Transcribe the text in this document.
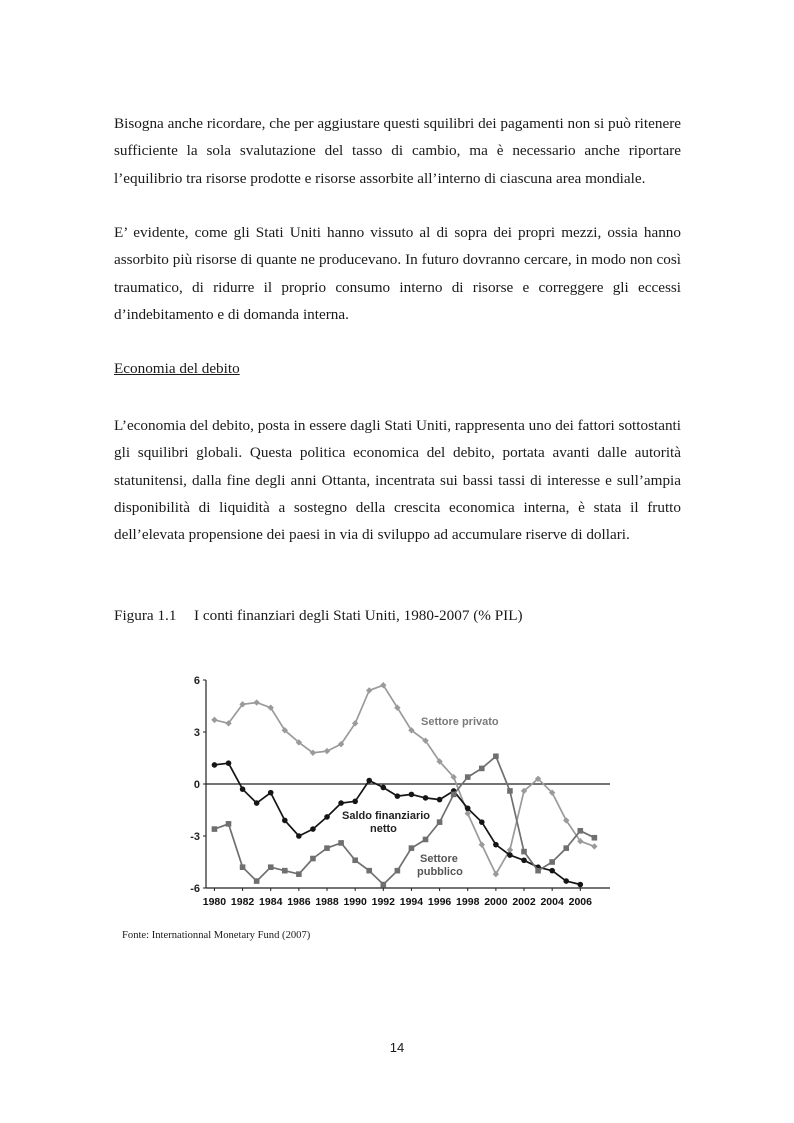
Bisogna anche ricordare, che per aggiustare questi squilibri dei pagamenti non si può ritenere sufficiente la sola svalutazione del tasso di cambio, ma è necessario anche riportare l’equilibrio tra risorse prodotte e risorse assorbite all’interno di ciascuna area mondiale.

E’ evidente, come gli Stati Uniti hanno vissuto al di sopra dei propri mezzi, ossia hanno assorbito più risorse di quante ne producevano. In futuro dovranno cercare, in modo non così traumatico, di ridurre il proprio consumo interno di risorse e correggere gli eccessi d’indebitamento e di domanda interna.

Economia del debito

L’economia del debito, posta in essere dagli Stati Uniti, rappresenta uno dei fattori sottostanti gli squilibri globali. Questa politica economica del debito, portata avanti dalle autorità statunitensi, dalla fine degli anni Ottanta, incentrata sui bassi tassi di interesse e sull’ampia disponibilità di liquidità a sostegno della crescita economica interna, è stata il frutto dell’elevata propensione dei paesi in via di sviluppo ad accumulare riserve di dollari.

Figura 1.1 I conti finanziari degli Stati Uniti, 1980-2007 (% PIL)

6
3
0
-3
-6
1980 1982 1984 1986 1988 1990 1992 1994 1996 1998 2000 2002 2004 2006
Settore privato
Saldo finanziario
netto
Settore
pubblico

Fonte: Internationnal Monetary Fund (2007)

14
